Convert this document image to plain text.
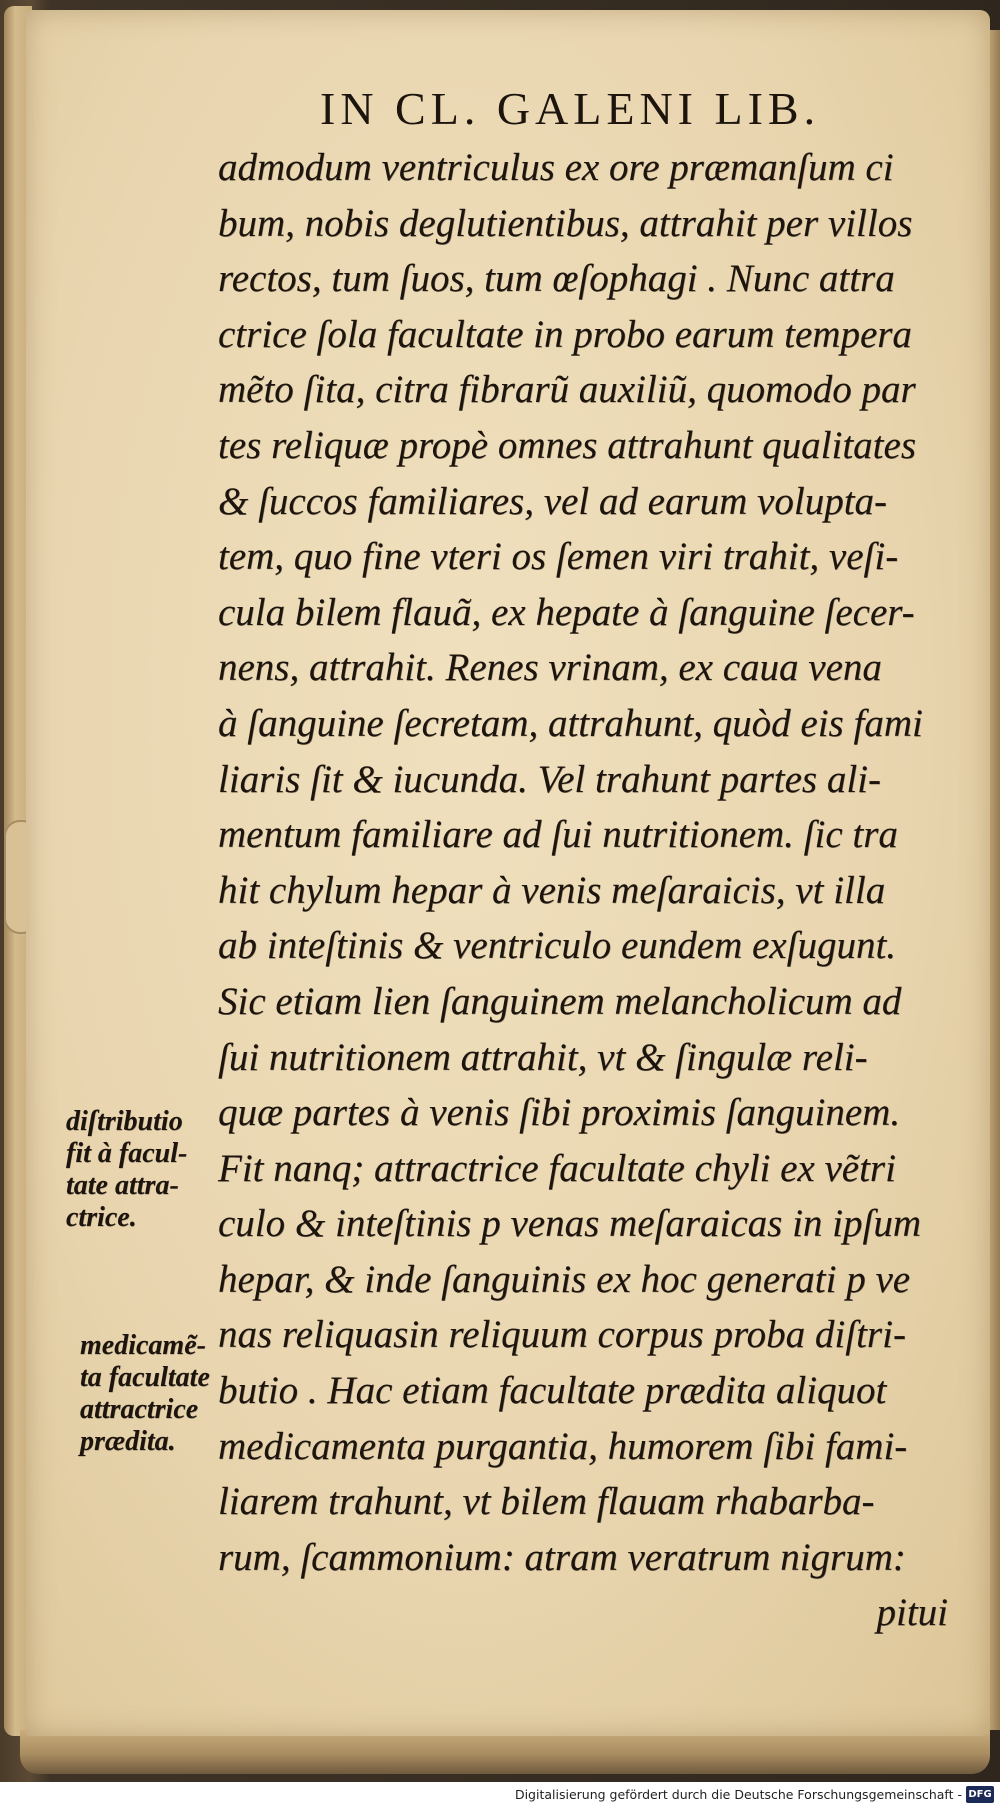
IN CL. GALENI LIB.
admodum ventriculus ex ore præmanſum ci
bum, nobis deglutientibus, attrahit per villos
rectos, tum ſuos, tum œſophagi . Nunc attra
ctrice ſola facultate in probo earum tempera
mẽto ſita, citra fibrarũ auxiliũ, quomodo par
tes reliquæ propè omnes attrahunt qualitates
& ſuccos familiares, vel ad earum volupta-
tem, quo fine vteri os ſemen viri trahit, veſi-
cula bilem flauã, ex hepate à ſanguine ſecer-
nens, attrahit. Renes vrinam, ex caua vena
à ſanguine ſecretam, attrahunt, quòd eis fami
liaris ſit & iucunda. Vel trahunt partes ali-
mentum familiare ad ſui nutritionem. ſic tra
hit chylum hepar à venis meſaraicis, vt illa
ab inteſtinis & ventriculo eundem exſugunt.
Sic etiam lien ſanguinem melancholicum ad
ſui nutritionem attrahit, vt & ſingulæ reli-
quæ partes à venis ſibi proximis ſanguinem.
Fit nanq; attractrice facultate chyli ex vẽtri
culo & inteſtinis p venas meſaraicas in ipſum
hepar, & inde ſanguinis ex hoc generati p ve
nas reliquasin reliquum corpus proba diſtri-
butio . Hac etiam facultate prædita aliquot
medicamenta purgantia, humorem ſibi fami-
liarem trahunt, vt bilem flauam rhabarba-
rum, ſcammonium: atram veratrum nigrum:
pitui
diſtributio
fit à facul-
tate attra-
ctrice.
medicamẽ-
ta facultate
attractrice
prædita.
Digitalisierung gefördert durch die Deutsche Forschungsgemeinschaft - DFG
